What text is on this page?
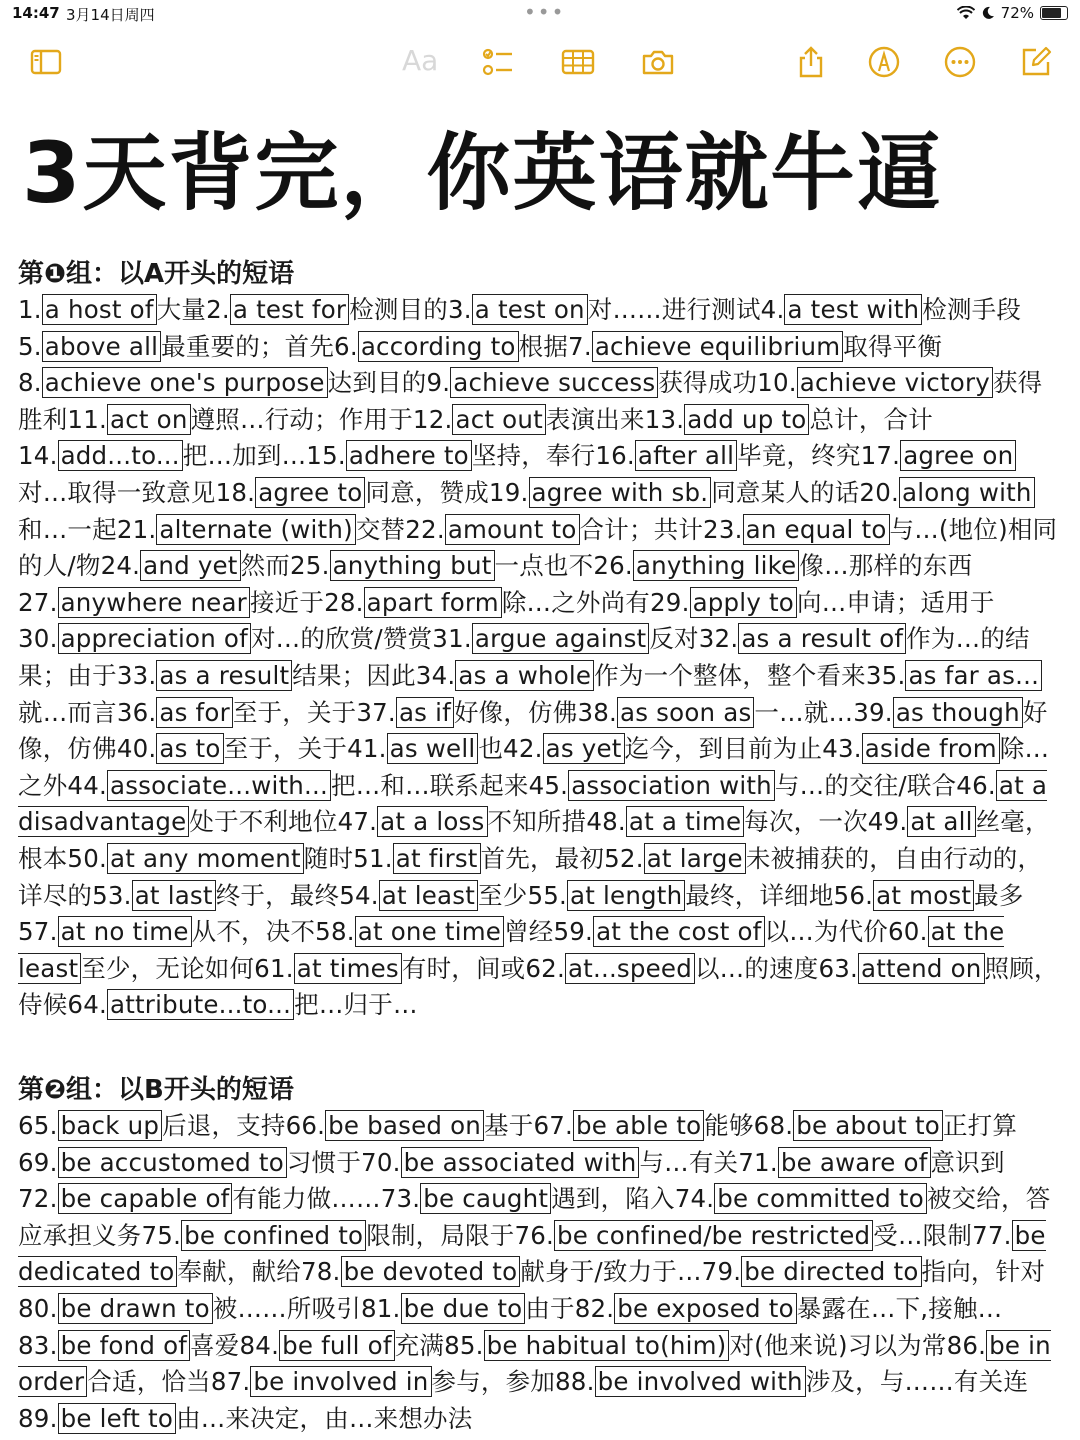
14:47 3月14日周四	•••	72%
Aa
3天背完，你英语就牛逼
第❶组：以A开头的短语
1. a host of 大量2. a test for 检测目的3. a test on 对……进行测试4. a test with 检测手段5. above all 最重要的；首先6. according to 根据7. achieve equilibrium 取得平衡8. achieve one's purpose 达到目的9. achieve success 获得成功10. achieve victory 获得胜利11. act on 遵照…行动；作用于12. act out 表演出来13. add up to 总计，合计14. add...to... 把…加到…15. adhere to 坚持，奉行16. after all 毕竟，终究17. agree on对…取得一致意见18. agree to 同意，赞成19. agree with sb. 同意某人的话20. along with和…一起21. alternate (with) 交替22. amount to 合计；共计23. an equal to 与…(地位)相同的人/物24. and yet 然而25. anything but 一点也不26. anything like 像…那样的东西27. anywhere near 接近于28. apart form 除…之外尚有29. apply to 向…申请；适用于30. appreciation of 对…的欣赏/赞赏31. argue against 反对32. as a result of 作为…的结果；由于33. as a result 结果；因此34. as a whole 作为一个整体，整个看来35. as far as...就…而言36. as for 至于，关于37. as if 好像，仿佛38. as soon as 一…就…39. as though 好像，仿佛40. as to 至于，关于41. as well 也42. as yet 迄今，到目前为止43. aside from 除…之外44. associate...with... 把…和…联系起来45. association with 与…的交往/联合46. at a disadvantage 处于不利地位47. at a loss 不知所措48. at a time 每次，一次49. at all 丝毫，根本50. at any moment 随时51. at first 首先，最初52. at large 未被捕获的，自由行动的，详尽的53. at last 终于，最终54. at least 至少55. at length 最终，详细地56. at most 最多57. at no time 从不，决不58. at one time 曾经59. at the cost of 以…为代价60. at the least 至少，无论如何61. at times 有时，间或62. at...speed 以…的速度63. attend on 照顾，侍候64. attribute...to... 把…归于…
第❷组：以B开头的短语
65. back up 后退，支持66. be based on 基于67. be able to 能够68. be about to 正打算69. be accustomed to 习惯于70. be associated with 与…有关71. be aware of 意识到72. be capable of 有能力做……73. be caught 遇到，陷入74. be committed to 被交给，答应承担义务75. be confined to 限制，局限于76. be confined/be restricted 受…限制77. be dedicated to 奉献，献给78. be devoted to 献身于/致力于…79. be directed to 指向，针对80. be drawn to 被……所吸引81. be due to 由于82. be exposed to 暴露在…下,接触…83. be fond of 喜爱84. be full of 充满85. be habitual to(him) 对(他来说)习以为常86. be in order 合适，恰当87. be involved in 参与，参加88. be involved with 涉及，与……有关连89. be left to 由…来决定，由…来想办法
